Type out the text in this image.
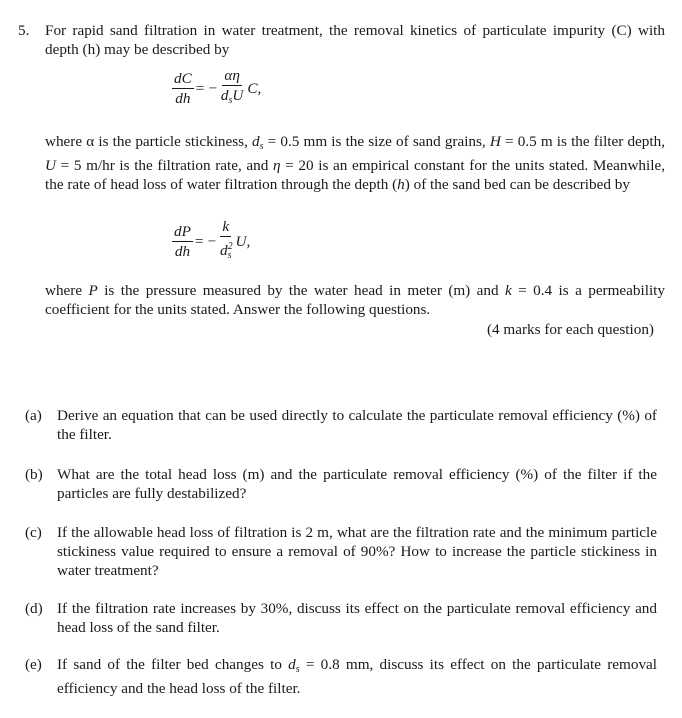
5. For rapid sand filtration in water treatment, the removal kinetics of particulate impurity (C) with depth (h) may be described by
$\frac{dC}{dh}$ = − $\frac{\alpha\eta}{d_sU} C$,
where α is the particle stickiness, $d_s = 0.5$ mm is the size of sand grains, H = 0.5 m is the filter depth, U = 5 m/hr is the filtration rate, and η = 20 is an empirical constant for the units stated. Meanwhile, the rate of head loss of water filtration through the depth (h) of the sand bed can be described by
$\frac{dP}{dh}$ = − $\frac{k}{d^2s} U$,
where P is the pressure measured by the water head in meter (m) and k = 0.4 is a permeability coefficient for the units stated. Answer the following questions.
(4 marks for each question)
(a) Derive an equation that can be used directly to calculate the particulate removal efficiency (%) of the filter.
(b) What are the total head loss (m) and the particulate removal efficiency (%) of the filter if the particles are fully destabilized?
(c) If the allowable head loss of filtration is 2 m, what are the filtration rate and the minimum particle stickiness value required to ensure a removal of 90%? How to increase the particle stickiness in water treatment?
(d) If the filtration rate increases by 30%, discuss its effect on the particulate removal efficiency and head loss of the sand filter.
(e) If sand of the filter bed changes to $d_s = 0.8$ mm, discuss its effect on the particulate removal efficiency and the head loss of the filter.
